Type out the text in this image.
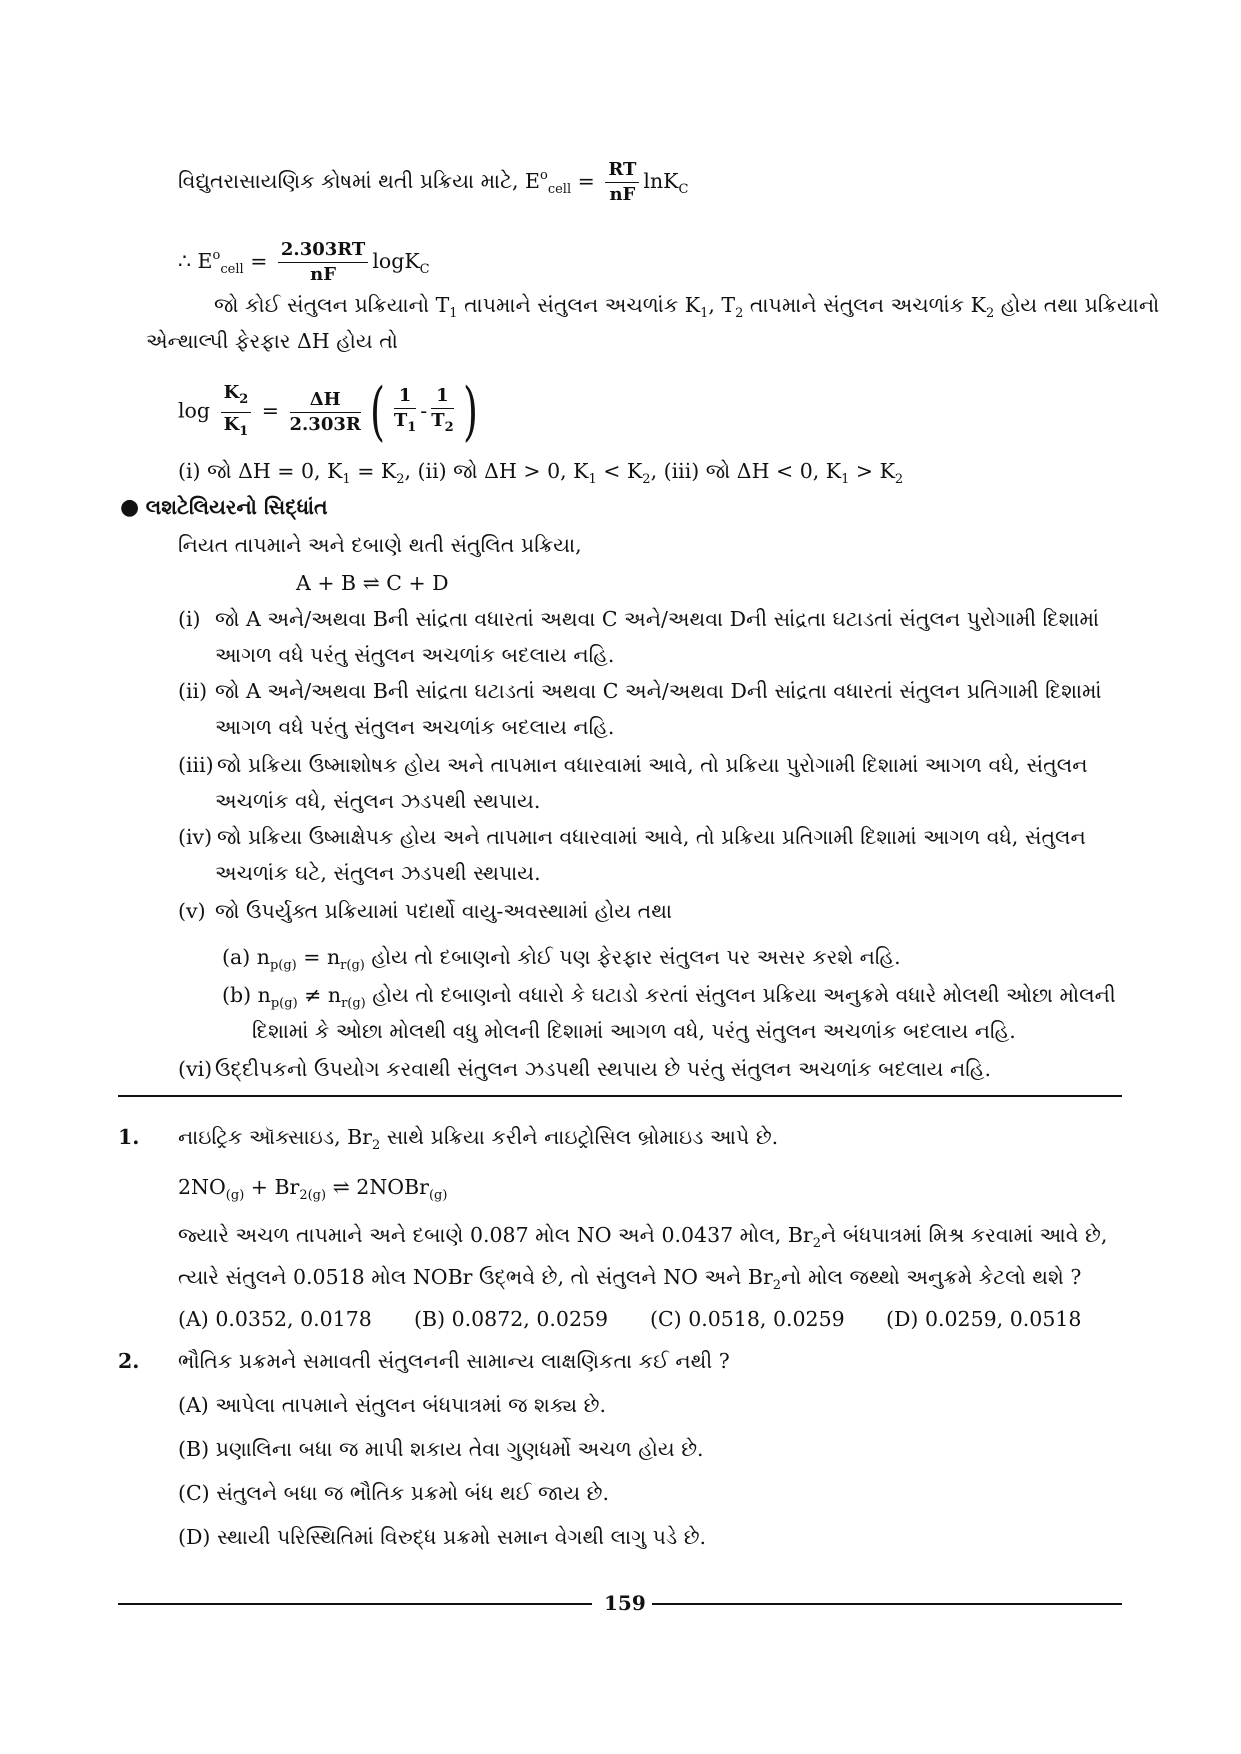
વિદ્યુતરાસાયણિક કોષમાં થતી પ્રક્રિયા માટે, $E^o_{cell} = \frac{RT}{nF} \ln K_C$
∴ $E^o_{cell} = \frac{2.303RT}{nF} \log K_C$
જો કોઈ સંતુલન પ્રક્રિયાનો $T_1$ તાપમાને સંતુલન અચળાંક $K_1$, $T_2$ તાપમાને સંતુલન અચળાંક $K_2$ હોય તથા પ્રક્રિયાનો
એન્થાલ્પી ફેરફાર ΔH હોય તો
$\log \frac{K_2}{K_1} = \frac{\Delta H}{2.303R}$ ( $\frac{1}{T_1} - \frac{1}{T_2}$ )
(i) જો ΔH = 0, $K_1 = K_2$, (ii) જો ΔH > 0, $K_1 < K_2$, (iii) જો ΔH < 0, $K_1 > K_2$
● લશટેલિયરનો સિદ્ધાંત
નિયત તાપમાને અને દબાણે થતી સંતુલિત પ્રક્રિયા,
A + B ⇌ C + D
(i) જો A અને/અથવા Bની સાંદ્રતા વધારતાં અથવા C અને/અથવા Dની સાંદ્રતા ઘટાડતાં સંતુલન પુરોગામી દિશામાં
આગળ વધે પરંતુ સંતુલન અચળાંક બદલાય નહિ.
(ii) જો A અને/અથવા Bની સાંદ્રતા ઘટાડતાં અથવા C અને/અથવા Dની સાંદ્રતા વધારતાં સંતુલન પ્રતિગામી દિશામાં
આગળ વધે પરંતુ સંતુલન અચળાંક બદલાય નહિ.
(iii) જો પ્રક્રિયા ઉષ્માશોષક હોય અને તાપમાન વધારવામાં આવે, તો પ્રક્રિયા પુરોગામી દિશામાં આગળ વધે, સંતુલન
અચળાંક વધે, સંતુલન ઝડપથી સ્થપાય.
(iv) જો પ્રક્રિયા ઉષ્માક્ષેપક હોય અને તાપમાન વધારવામાં આવે, તો પ્રક્રિયા પ્રતિગામી દિશામાં આગળ વધે, સંતુલન
અચળાંક ઘટે, સંતુલન ઝડપથી સ્થપાય.
(v) જો ઉપર્યુક્ત પ્રક્રિયામાં પદાર્થો વાયુ-અવસ્થામાં હોય તથા
(a) $n_{p(g)} = n_{r(g)}$ હોય તો દબાણનો કોઈ પણ ફેરફાર સંતુલન પર અસર કરશે નહિ.
(b) $n_{p(g)} \ne n_{r(g)}$ હોય તો દબાણનો વધારો કે ઘટાડો કરતાં સંતુલન પ્રક્રિયા અનુક્રમે વધારે મોલથી ઓછા મોલની
દિશામાં કે ઓછા મોલથી વધુ મોલની દિશામાં આગળ વધે, પરંતુ સંતુલન અચળાંક બદલાય નહિ.
(vi) ઉદ્દીપકનો ઉપયોગ કરવાથી સંતુલન ઝડપથી સ્થપાય છે પરંતુ સંતુલન અચળાંક બદલાય નહિ.
1. નાઇટ્રિક ઑક્સાઇડ, $Br_2$ સાથે પ્રક્રિયા કરીને નાઇટ્રોસિલ બ્રોમાઇડ આપે છે.
$2NO_{(g)} + Br_{2(g)}$ ⇌ 2NOBr$_{(g)}$
જ્યારે અચળ તાપમાને અને દબાણે 0.087 મોલ NO અને 0.0437 મોલ, $Br_2ને$ બંધપાત્રમાં મિશ્ર કરવામાં આવે છે,
ત્યારે સંતુલને 0.0518 મોલ NOBr ઉદ્‌ભવે છે, તો સંતુલને NO અને $Br_2નો$ મોલ જથ્થો અનુક્રમે કેટલો થશે ?
(A) 0.0352, 0.0178 (B) 0.0872, 0.0259 (C) 0.0518, 0.0259 (D) 0.0259, 0.0518
2. ભૌતિક પ્રક્રમને સમાવતી સંતુલનની સામાન્ય લાક્ષણિકતા કઈ નથી ?
(A) આપેલા તાપમાને સંતુલન બંધપાત્રમાં જ શક્ય છે.
(B) પ્રણાલિના બધા જ માપી શકાય તેવા ગુણધર્મો અચળ હોય છે.
(C) સંતુલને બધા જ ભૌતિક પ્રક્રમો બંધ થઈ જાય છે.
(D) સ્થાયી પરિસ્થિતિમાં વિરુદ્ધ પ્રક્રમો સમાન વેગથી લાગુ પડે છે.
159
